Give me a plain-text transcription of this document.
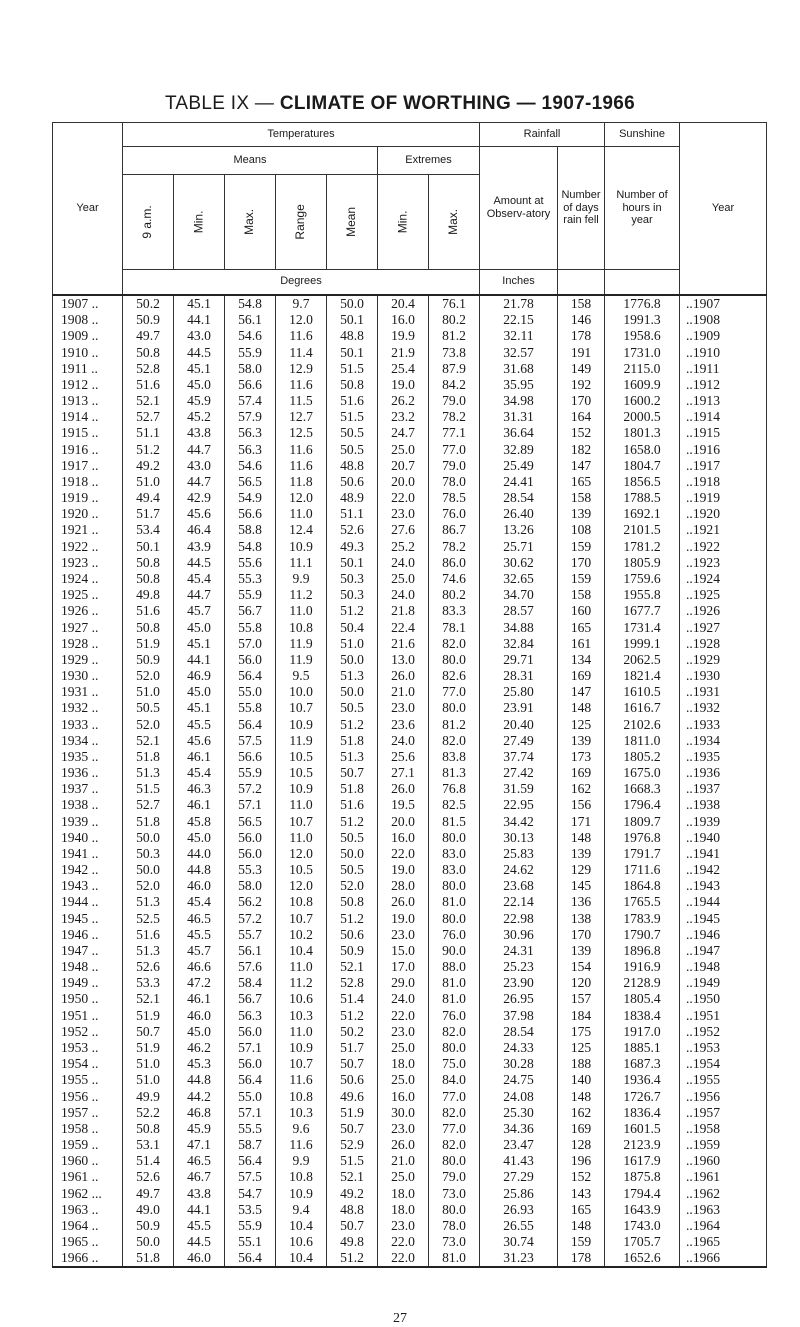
TABLE IX — CLIMATE OF WORTHING — 1907-1966
Year	Temperatures							Rainfall		Sunshine	Year
	Means					Extremes		Amount at Observ-atory	Number of days rain fell	Number of hours in year	
	9 a.m.	Min.	Max.	Range	Mean	Min.	Max.				
	Degrees							Inches			
1907 ..	50.2	45.1	54.8	9.7	50.0	20.4	76.1	21.78	158	1776.8	..1907
1908 ..	50.9	44.1	56.1	12.0	50.1	16.0	80.2	22.15	146	1991.3	..1908
1909 ..	49.7	43.0	54.6	11.6	48.8	19.9	81.2	32.11	178	1958.6	..1909
1910 ..	50.8	44.5	55.9	11.4	50.1	21.9	73.8	32.57	191	1731.0	..1910
1911 ..	52.8	45.1	58.0	12.9	51.5	25.4	87.9	31.68	149	2115.0	..1911
1912 ..	51.6	45.0	56.6	11.6	50.8	19.0	84.2	35.95	192	1609.9	..1912
1913 ..	52.1	45.9	57.4	11.5	51.6	26.2	79.0	34.98	170	1600.2	..1913
1914 ..	52.7	45.2	57.9	12.7	51.5	23.2	78.2	31.31	164	2000.5	..1914
1915 ..	51.1	43.8	56.3	12.5	50.5	24.7	77.1	36.64	152	1801.3	..1915
1916 ..	51.2	44.7	56.3	11.6	50.5	25.0	77.0	32.89	182	1658.0	..1916
1917 ..	49.2	43.0	54.6	11.6	48.8	20.7	79.0	25.49	147	1804.7	..1917
1918 ..	51.0	44.7	56.5	11.8	50.6	20.0	78.0	24.41	165	1856.5	..1918
1919 ..	49.4	42.9	54.9	12.0	48.9	22.0	78.5	28.54	158	1788.5	..1919
1920 ..	51.7	45.6	56.6	11.0	51.1	23.0	76.0	26.40	139	1692.1	..1920
1921 ..	53.4	46.4	58.8	12.4	52.6	27.6	86.7	13.26	108	2101.5	..1921
1922 ..	50.1	43.9	54.8	10.9	49.3	25.2	78.2	25.71	159	1781.2	..1922
1923 ..	50.8	44.5	55.6	11.1	50.1	24.0	86.0	30.62	170	1805.9	..1923
1924 ..	50.8	45.4	55.3	9.9	50.3	25.0	74.6	32.65	159	1759.6	..1924
1925 ..	49.8	44.7	55.9	11.2	50.3	24.0	80.2	34.70	158	1955.8	..1925
1926 ..	51.6	45.7	56.7	11.0	51.2	21.8	83.3	28.57	160	1677.7	..1926
1927 ..	50.8	45.0	55.8	10.8	50.4	22.4	78.1	34.88	165	1731.4	..1927
1928 ..	51.9	45.1	57.0	11.9	51.0	21.6	82.0	32.84	161	1999.1	..1928
1929 ..	50.9	44.1	56.0	11.9	50.0	13.0	80.0	29.71	134	2062.5	..1929
1930 ..	52.0	46.9	56.4	9.5	51.3	26.0	82.6	28.31	169	1821.4	..1930
1931 ..	51.0	45.0	55.0	10.0	50.0	21.0	77.0	25.80	147	1610.5	..1931
1932 ..	50.5	45.1	55.8	10.7	50.5	23.0	80.0	23.91	148	1616.7	..1932
1933 ..	52.0	45.5	56.4	10.9	51.2	23.6	81.2	20.40	125	2102.6	..1933
1934 ..	52.1	45.6	57.5	11.9	51.8	24.0	82.0	27.49	139	1811.0	..1934
1935 ..	51.8	46.1	56.6	10.5	51.3	25.6	83.8	37.74	173	1805.2	..1935
1936 ..	51.3	45.4	55.9	10.5	50.7	27.1	81.3	27.42	169	1675.0	..1936
1937 ..	51.5	46.3	57.2	10.9	51.8	26.0	76.8	31.59	162	1668.3	..1937
1938 ..	52.7	46.1	57.1	11.0	51.6	19.5	82.5	22.95	156	1796.4	..1938
1939 ..	51.8	45.8	56.5	10.7	51.2	20.0	81.5	34.42	171	1809.7	..1939
1940 ..	50.0	45.0	56.0	11.0	50.5	16.0	80.0	30.13	148	1976.8	..1940
1941 ..	50.3	44.0	56.0	12.0	50.0	22.0	83.0	25.83	139	1791.7	..1941
1942 ..	50.0	44.8	55.3	10.5	50.5	19.0	83.0	24.62	129	1711.6	..1942
1943 ..	52.0	46.0	58.0	12.0	52.0	28.0	80.0	23.68	145	1864.8	..1943
1944 ..	51.3	45.4	56.2	10.8	50.8	26.0	81.0	22.14	136	1765.5	..1944
1945 ..	52.5	46.5	57.2	10.7	51.2	19.0	80.0	22.98	138	1783.9	..1945
1946 ..	51.6	45.5	55.7	10.2	50.6	23.0	76.0	30.96	170	1790.7	..1946
1947 ..	51.3	45.7	56.1	10.4	50.9	15.0	90.0	24.31	139	1896.8	..1947
1948 ..	52.6	46.6	57.6	11.0	52.1	17.0	88.0	25.23	154	1916.9	..1948
1949 ..	53.3	47.2	58.4	11.2	52.8	29.0	81.0	23.90	120	2128.9	..1949
1950 ..	52.1	46.1	56.7	10.6	51.4	24.0	81.0	26.95	157	1805.4	..1950
1951 ..	51.9	46.0	56.3	10.3	51.2	22.0	76.0	37.98	184	1838.4	..1951
1952 ..	50.7	45.0	56.0	11.0	50.2	23.0	82.0	28.54	175	1917.0	..1952
1953 ..	51.9	46.2	57.1	10.9	51.7	25.0	80.0	24.33	125	1885.1	..1953
1954 ..	51.0	45.3	56.0	10.7	50.7	18.0	75.0	30.28	188	1687.3	..1954
1955 ..	51.0	44.8	56.4	11.6	50.6	25.0	84.0	24.75	140	1936.4	..1955
1956 ..	49.9	44.2	55.0	10.8	49.6	16.0	77.0	24.08	148	1726.7	..1956
1957 ..	52.2	46.8	57.1	10.3	51.9	30.0	82.0	25.30	162	1836.4	..1957
1958 ..	50.8	45.9	55.5	9.6	50.7	23.0	77.0	34.36	169	1601.5	..1958
1959 ..	53.1	47.1	58.7	11.6	52.9	26.0	82.0	23.47	128	2123.9	..1959
1960 ..	51.4	46.5	56.4	9.9	51.5	21.0	80.0	41.43	196	1617.9	..1960
1961 ..	52.6	46.7	57.5	10.8	52.1	25.0	79.0	27.29	152	1875.8	..1961
1962 ...	49.7	43.8	54.7	10.9	49.2	18.0	73.0	25.86	143	1794.4	..1962
1963 ..	49.0	44.1	53.5	9.4	48.8	18.0	80.0	26.93	165	1643.9	..1963
1964 ..	50.9	45.5	55.9	10.4	50.7	23.0	78.0	26.55	148	1743.0	..1964
1965 ..	50.0	44.5	55.1	10.6	49.8	22.0	73.0	30.74	159	1705.7	..1965
1966 ..	51.8	46.0	56.4	10.4	51.2	22.0	81.0	31.23	178	1652.6	..1966
27
